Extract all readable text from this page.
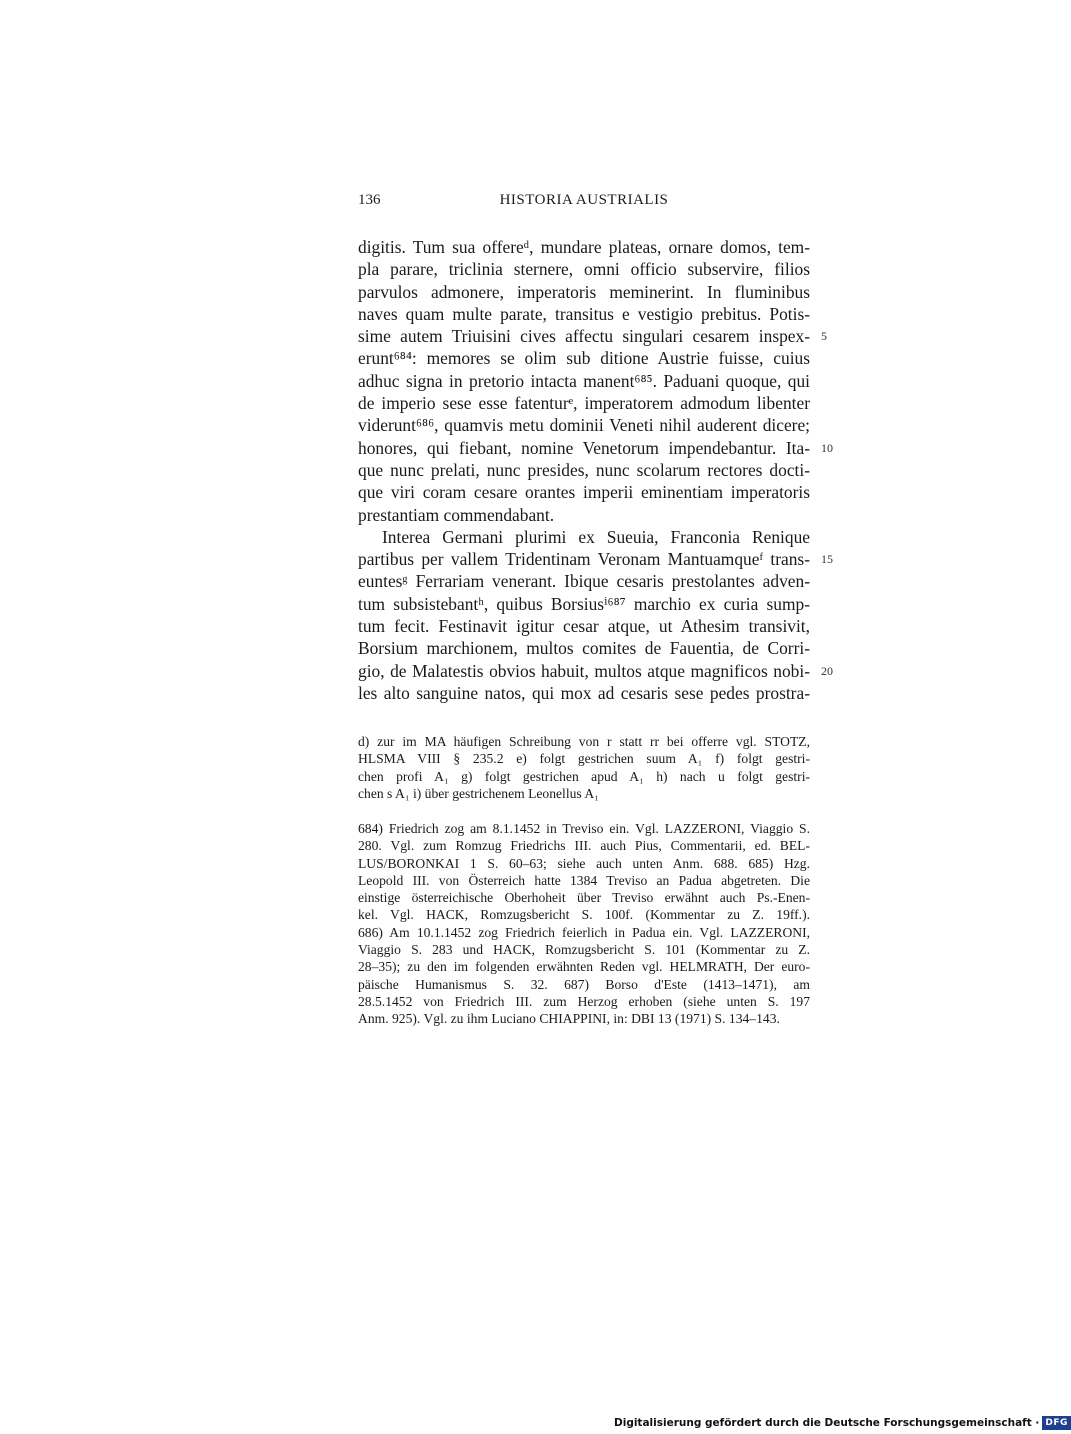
136	HISTORIA AUSTRIALIS
digitis. Tum sua offereᵈ, mundare plateas, ornare domos, tem-
pla parare, triclinia sternere, omni officio subservire, filios
parvulos admonere, imperatoris meminerint. In fluminibus
naves quam multe parate, transitus e vestigio prebitus. Potis-
sime autem Triuisini cives affectu singulari cesarem inspex- 5
erunt⁶⁸⁴: memores se olim sub ditione Austrie fuisse, cuius
adhuc signa in pretorio intacta manent⁶⁸⁵. Paduani quoque, qui
de imperio sese esse fatenturᵉ, imperatorem admodum libenter
viderunt⁶⁸⁶, quamvis metu dominii Veneti nihil auderent dicere;
honores, qui fiebant, nomine Venetorum impendebantur. Ita- 10
que nunc prelati, nunc presides, nunc scolarum rectores docti-
que viri coram cesare orantes imperii eminentiam imperatoris
prestantiam commendabant.
Interea Germani plurimi ex Sueuia, Franconia Renique
partibus per vallem Tridentinam Veronam Mantuamqueᶠ trans- 15
euntesᵍ Ferrariam venerant. Ibique cesaris prestolantes adven-
tum subsistebantʰ, quibus Borsiusⁱ⁶⁸⁷ marchio ex curia sump-
tum fecit. Festinavit igitur cesar atque, ut Athesim transivit,
Borsium marchionem, multos comites de Fauentia, de Corri-
gio, de Malatestis obvios habuit, multos atque magnificos nobi- 20
les alto sanguine natos, qui mox ad cesaris sese pedes prostra-
d) zur im MA häufigen Schreibung von r statt rr bei offerre vgl. STOTZ,
HLSMA VIII § 235.2 e) folgt gestrichen suum A₁ f) folgt gestri-
chen profi A₁ g) folgt gestrichen apud A₁ h) nach u folgt gestri-
chen s A₁ i) über gestrichenem Leonellus A₁
684) Friedrich zog am 8.1.1452 in Treviso ein. Vgl. LAZZERONI, Viaggio S.
280. Vgl. zum Romzug Friedrichs III. auch Pius, Commentarii, ed. BEL-
LUS/BORONKAI 1 S. 60–63; siehe auch unten Anm. 688. 685) Hzg.
Leopold III. von Österreich hatte 1384 Treviso an Padua abgetreten. Die
einstige österreichische Oberhoheit über Treviso erwähnt auch Ps.-Enen-
kel. Vgl. HACK, Romzugsbericht S. 100f. (Kommentar zu Z. 19ff.).
686) Am 10.1.1452 zog Friedrich feierlich in Padua ein. Vgl. LAZZERONI,
Viaggio S. 283 und HACK, Romzugsbericht S. 101 (Kommentar zu Z.
28–35); zu den im folgenden erwähnten Reden vgl. HELMRATH, Der euro-
päische Humanismus S. 32. 687) Borso d'Este (1413–1471), am
28.5.1452 von Friedrich III. zum Herzog erhoben (siehe unten S. 197
Anm. 925). Vgl. zu ihm Luciano CHIAPPINI, in: DBI 13 (1971) S. 134–143.
Digitalisierung gefördert durch die Deutsche Forschungsgemeinschaft · DFG
